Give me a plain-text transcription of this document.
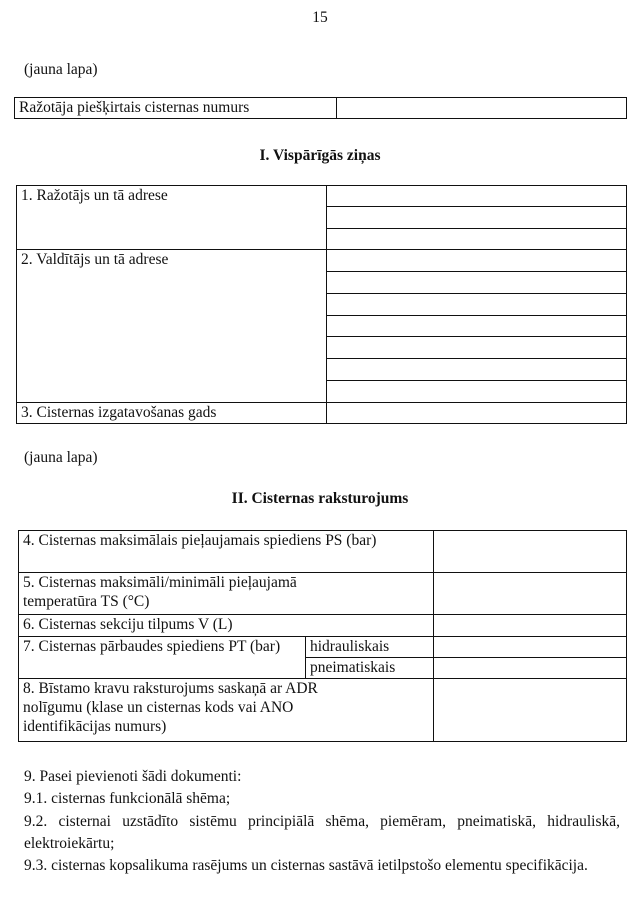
15
(jauna lapa)
Ražotāja piešķirtais cisternas numurs	
I. Vispārīgās ziņas
1. Ražotājs un tā adrese	

2. Valdītājs un tā adrese	

3. Cisternas izgatavošanas gads	
(jauna lapa)
II. Cisternas raksturojums
4. Cisternas maksimālais pieļaujamais spiediens PS (bar)		
5. Cisternas maksimāli/minimāli pieļaujamā temperatūra TS (°C)		
6. Cisternas sekciju tilpums V (L)		
7. Cisternas pārbaudes spiediens PT (bar)	hidrauliskais	
	pneimatiskais	
8. Bīstamo kravu raksturojums saskaņā ar ADR nolīgumu (klase un cisternas kods vai ANO identifikācijas numurs)		
9. Pasei pievienoti šādi dokumenti:
9.1. cisternas funkcionālā shēma;
9.2. cisternai uzstādīto sistēmu principiālā shēma, piemēram, pneimatiskā, hidrauliskā, elektroiekārtu;
9.3. cisternas kopsalikuma rasējums un cisternas sastāvā ietilpstošo elementu specifikācija.
